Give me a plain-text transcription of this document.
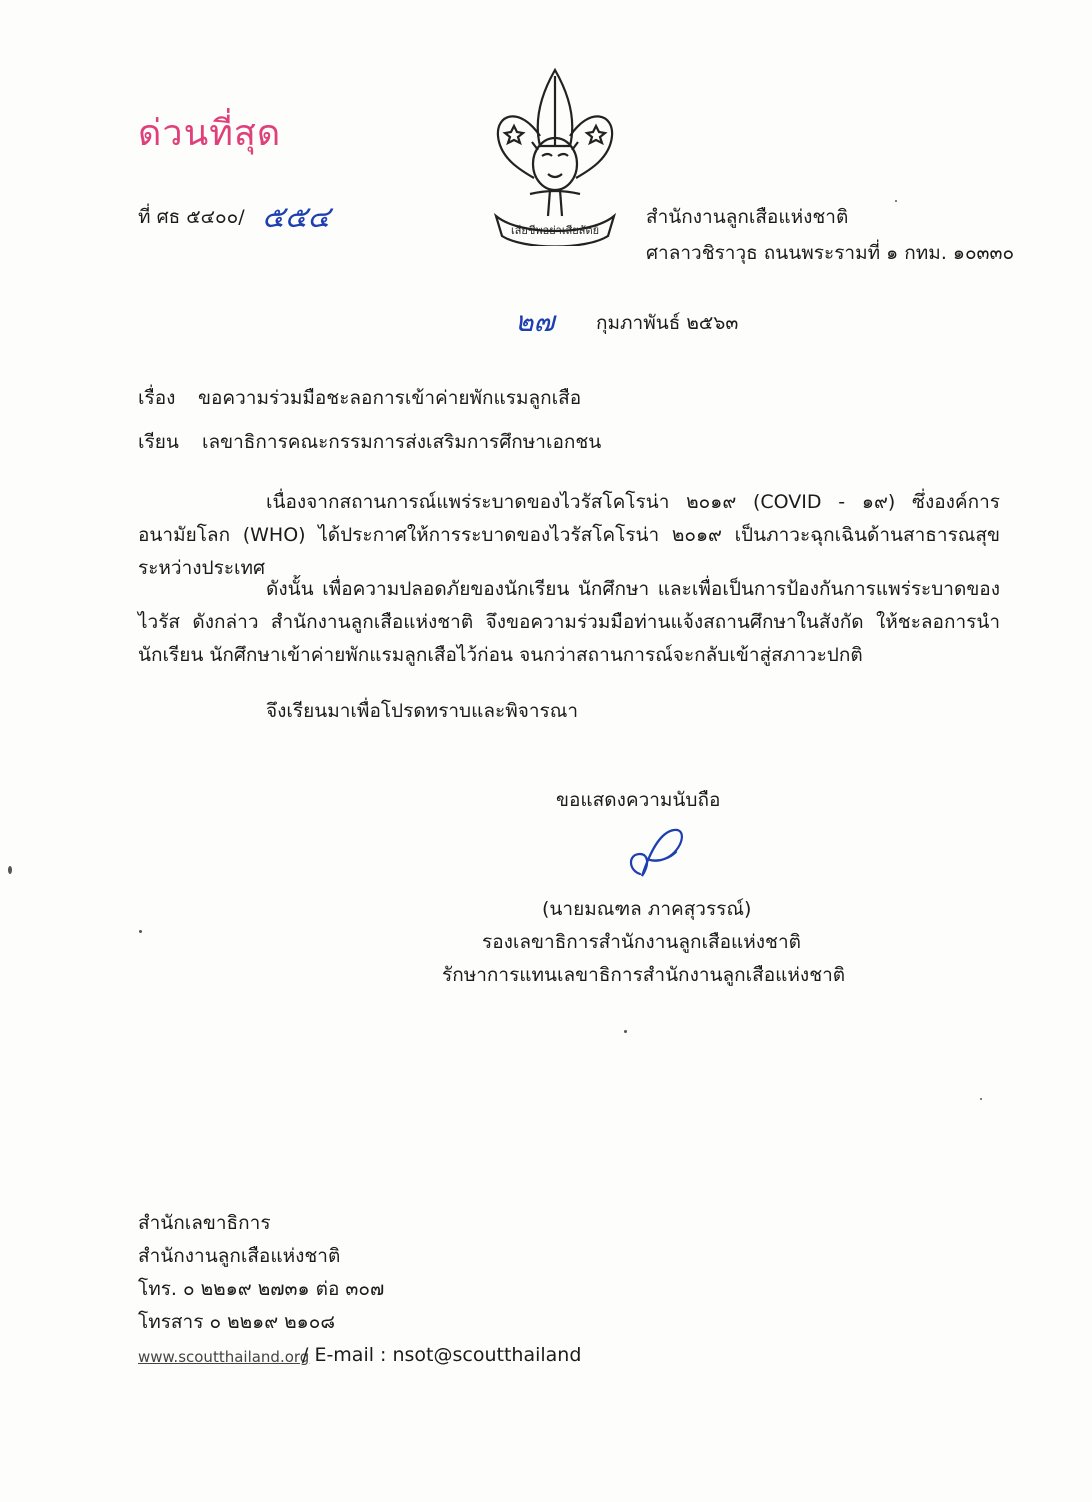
ด่วนที่สุด
ที่ ศธ ๕๔๐๐/ ๕๕๔	เสียชีพอย่าเสียสัตย์
สำนักงานลูกเสือแห่งชาติ
ศาลาวชิราวุธ ถนนพระรามที่ ๑ กทม. ๑๐๓๓๐
๒๗ กุมภาพันธ์ ๒๕๖๓
เรื่อง ขอความร่วมมือชะลอการเข้าค่ายพักแรมลูกเสือ
เรียน เลขาธิการคณะกรรมการส่งเสริมการศึกษาเอกชน
เนื่องจากสถานการณ์แพร่ระบาดของไวรัสโคโรน่า ๒๐๑๙ (COVID - ๑๙) ซึ่งองค์การอนามัยโลก (WHO) ได้ประกาศให้การระบาดของไวรัสโคโรน่า ๒๐๑๙ เป็นภาวะฉุกเฉินด้านสาธารณสุขระหว่างประเทศ
ดังนั้น เพื่อความปลอดภัยของนักเรียน นักศึกษา และเพื่อเป็นการป้องกันการแพร่ระบาดของไวรัส ดังกล่าว สำนักงานลูกเสือแห่งชาติ จึงขอความร่วมมือท่านแจ้งสถานศึกษาในสังกัด ให้ชะลอการนำนักเรียน นักศึกษาเข้าค่ายพักแรมลูกเสือไว้ก่อน จนกว่าสถานการณ์จะกลับเข้าสู่สภาวะปกติ
จึงเรียนมาเพื่อโปรดทราบและพิจารณา
ขอแสดงความนับถือ
(นายมณฑล ภาคสุวรรณ์)
รองเลขาธิการสำนักงานลูกเสือแห่งชาติ
รักษาการแทนเลขาธิการสำนักงานลูกเสือแห่งชาติ
สำนักเลขาธิการ
สำนักงานลูกเสือแห่งชาติ
โทร. ๐ ๒๒๑๙ ๒๗๓๑ ต่อ ๓๐๗
โทรสาร ๐ ๒๒๑๙ ๒๑๐๘
www.scoutthailand.org
/ E-mail : nsot@scoutthailand
